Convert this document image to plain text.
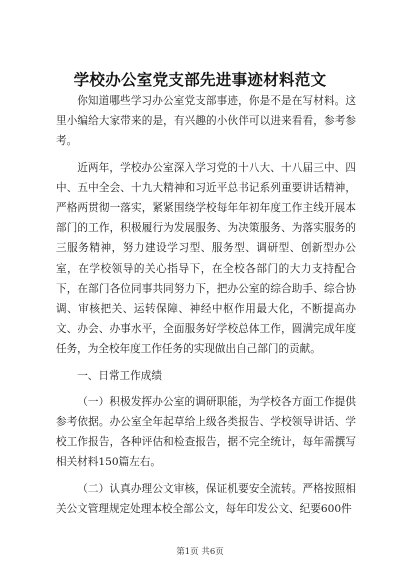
学校办公室党支部先进事迹材料范文

你知道哪些学习办公室党支部事迹，你是不是在写材料。这里小编给大家带来的是，有兴趣的小伙伴可以进来看看，参考参考。

近两年，学校办公室深入学习党的十八大、十八届三中、四中、五中全会、十九大精神和习近平总书记系列重要讲话精神，严格两贯彻一落实，紧紧围绕学校每年年初年度工作主线开展本部门的工作，积极履行为发展服务、为决策服务、为落实服务的三服务精神，努力建设学习型、服务型、调研型、创新型办公室，在学校领导的关心指导下，在全校各部门的大力支持配合下，在部门各位同事共同努力下，把办公室的综合助手、综合协调、审核把关、运转保障、神经中枢作用最大化，不断提高办文、办会、办事水平，全面服务好学校总体工作，圆满完成年度任务，为全校年度工作任务的实现做出自己部门的贡献。

一、日常工作成绩

（一）积极发挥办公室的调研职能，为学校各方面工作提供参考依据。办公室全年起草给上级各类报告、学校领导讲话、学校工作报告，各种评估和检查报告，据不完全统计，每年需撰写相关材料150篇左右。

（二）认真办理公文审核，保证机要安全流转。严格按照相关公文管理规定处理本校全部公文，每年印发公文、纪要600件

第1页 共6页
